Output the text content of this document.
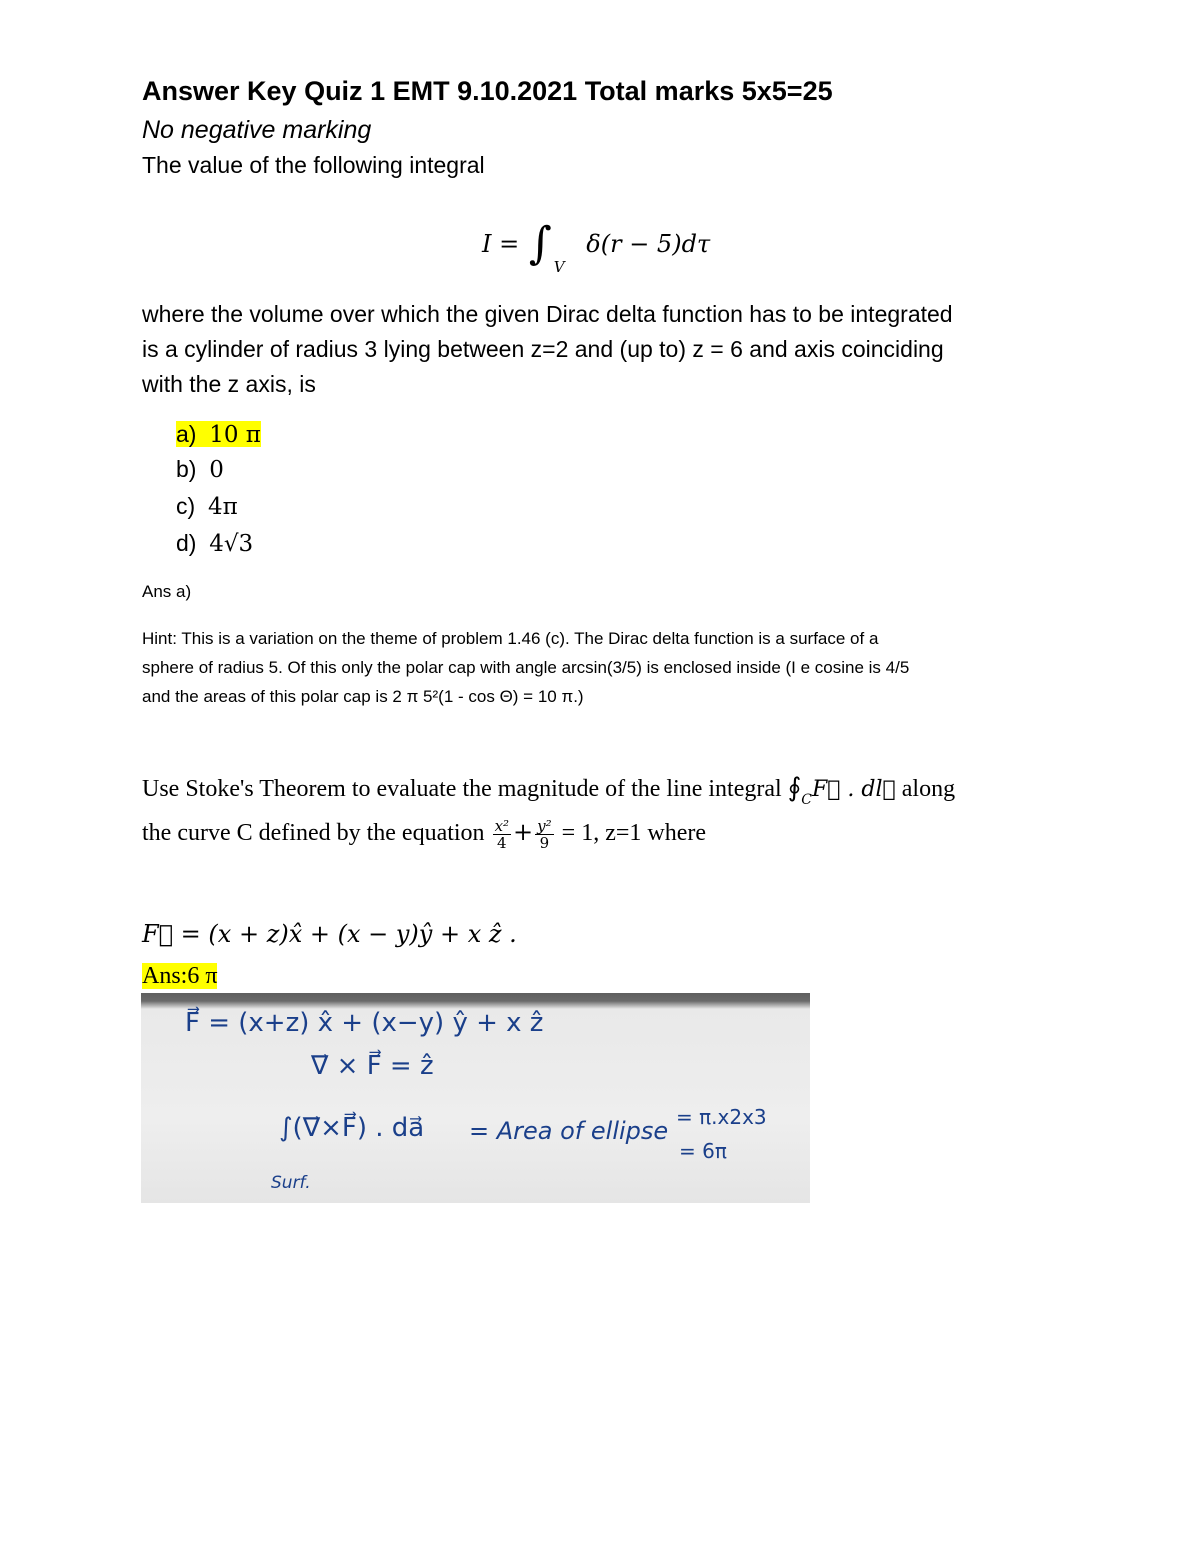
Answer Key Quiz 1 EMT 9.10.2021 Total marks 5x5=25
No negative marking
The value of the following integral
I = ∫ $_V$ δ(r − 5)dτ
where the volume over which the given Dirac delta function has to be integrated
is a cylinder of radius 3 lying between z=2 and (up to) z = 6 and axis coinciding
with the z axis, is
a) 10 π
b) 0
c) 4π
d) 4√3
Ans a)
Hint: This is a variation on the theme of problem 1.46 (c). The Dirac delta function is a surface of a
sphere of radius 5. Of this only the polar cap with angle arcsin(3/5) is enclosed inside (I e cosine is 4/5
and the areas of this polar cap is 2 π 5²(1 - cos Θ) = 10 π.)
Use Stoke's Theorem to evaluate the magnitude of the line integral $∮_CF⃗$ . dl⃗ along
the curve C defined by the equation $\frac{\text{x²}}{4} + \frac{\text{y²}}{9} = 1$, z=1 where
F⃗ = (x + z)x̂ + (x − y)ŷ + x ẑ .
Ans:6 π
F⃗ = (x+z) x̂ + (x−y) ŷ + x ẑ
∇⃗ × F⃗ = ẑ
∫(∇⃗×F⃗) . da⃗ = Area of ellipse = π.x2x3
= 6π
Surf.
